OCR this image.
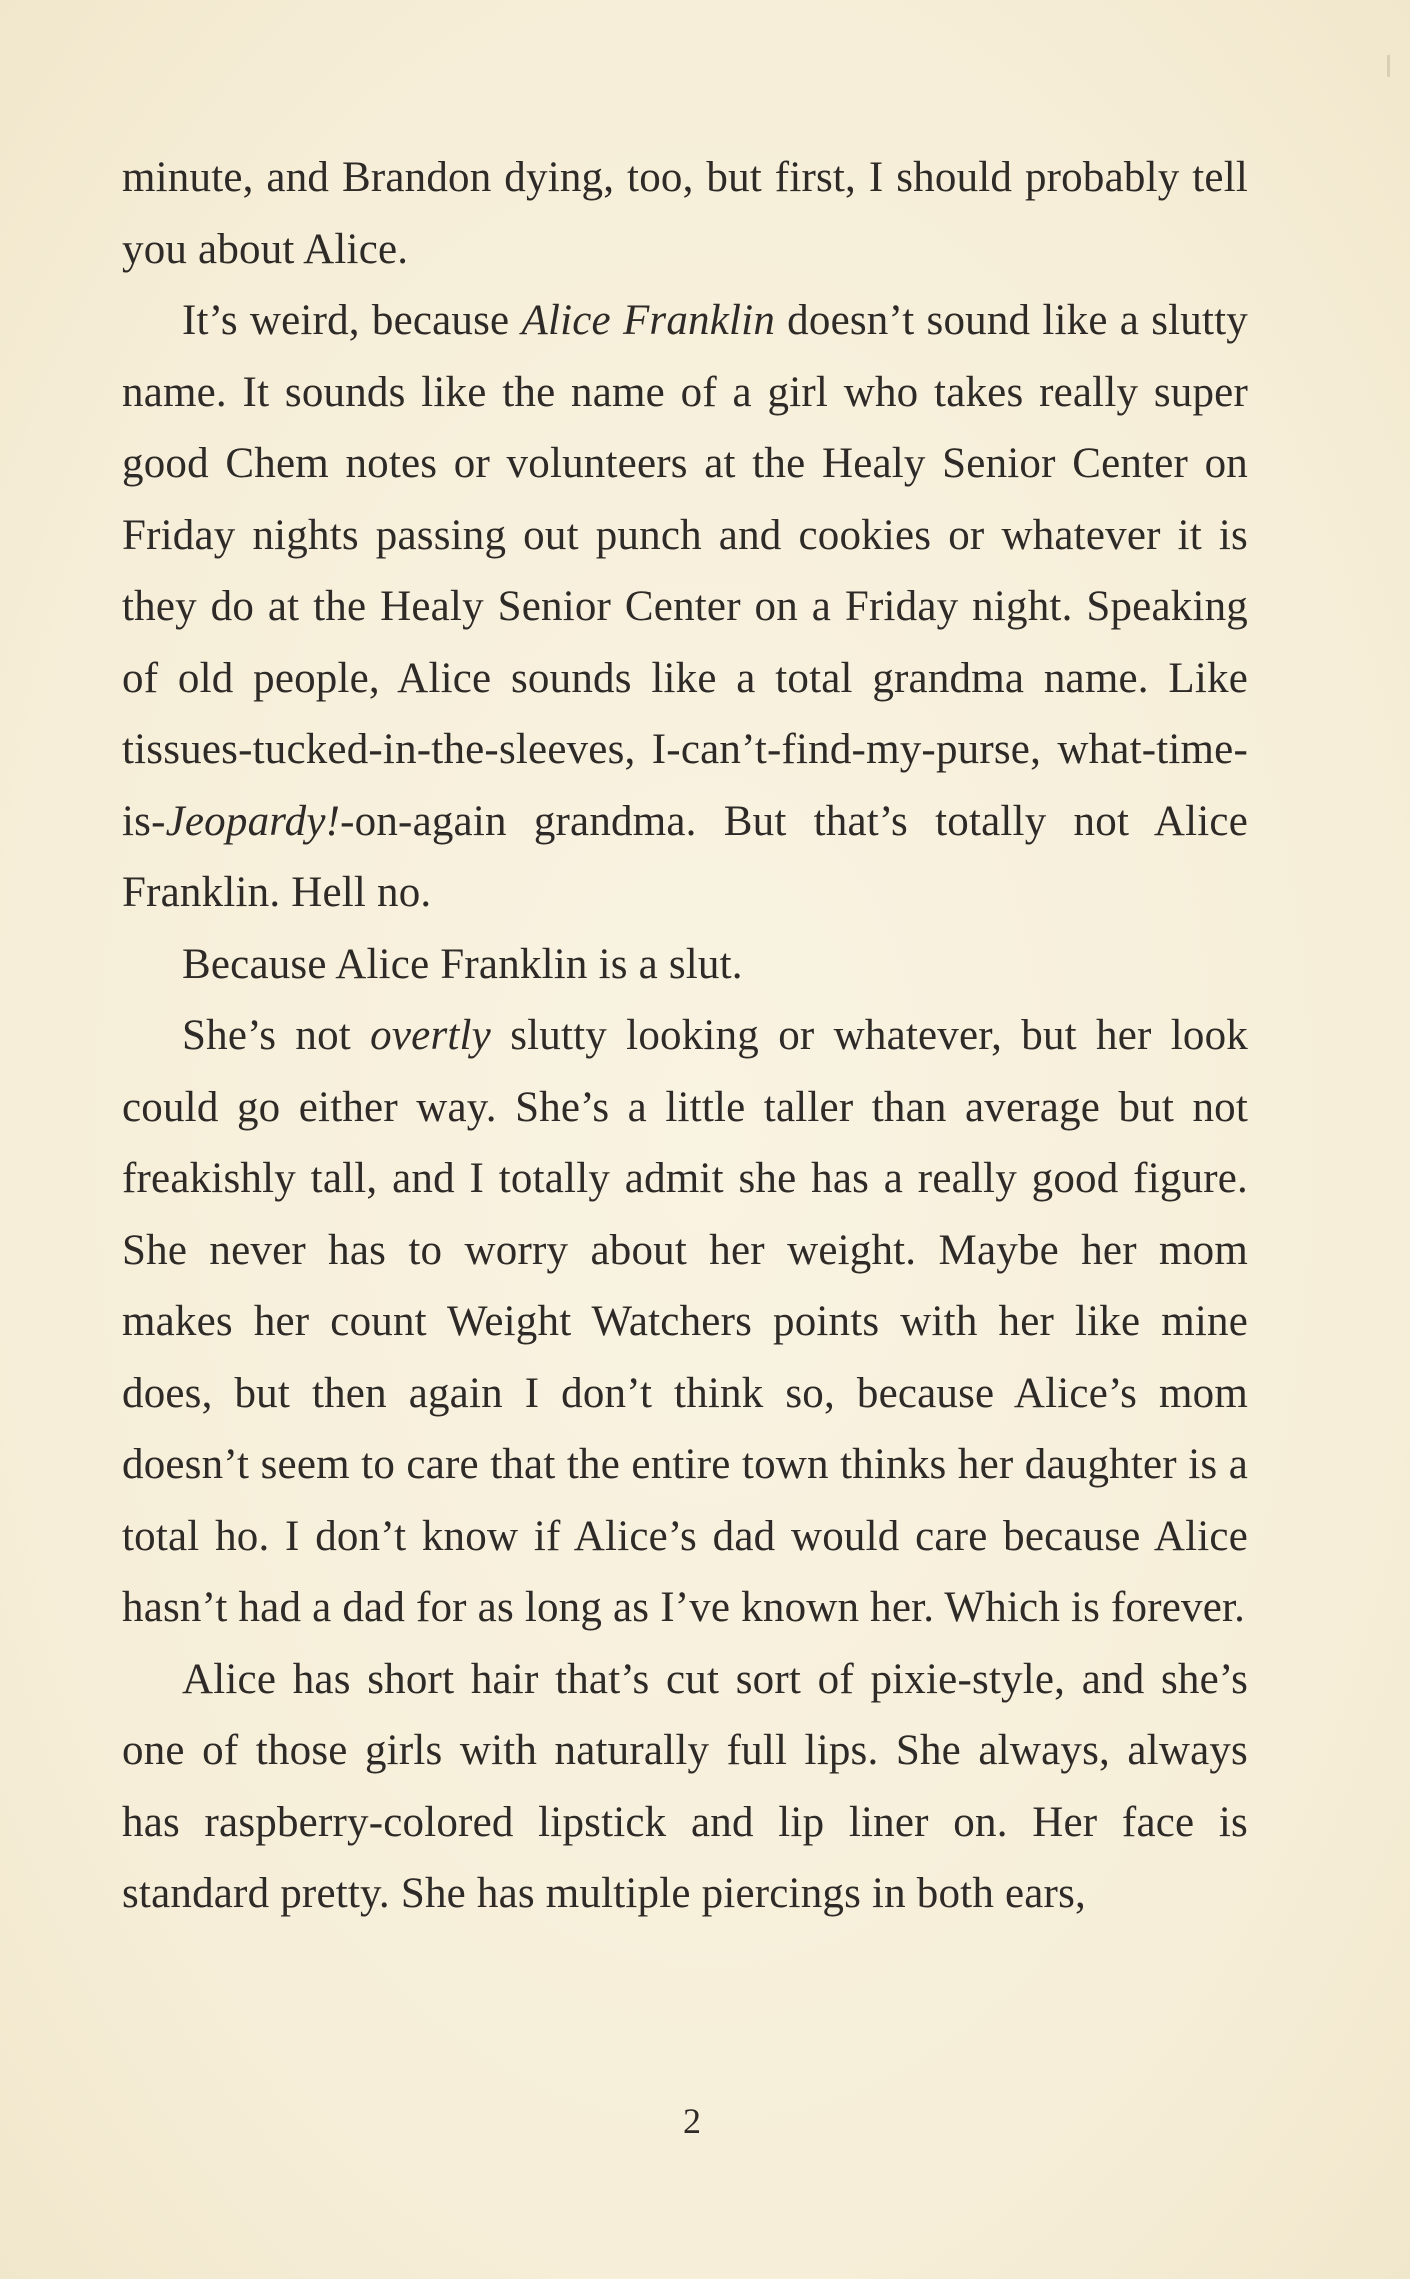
minute, and Brandon dying, too, but first, I should probably tell you about Alice.

It’s weird, because Alice Franklin doesn’t sound like a slutty name. It sounds like the name of a girl who takes really super good Chem notes or volunteers at the Healy Senior Center on Friday nights passing out punch and cookies or whatever it is they do at the Healy Senior Center on a Friday night. Speaking of old people, Alice sounds like a total grandma name. Like tissues-tucked-in-the-sleeves, I-can’t-find-my-purse, what-time-is-Jeopardy!-on-again grandma. But that’s totally not Alice Franklin. Hell no.

Because Alice Franklin is a slut.

She’s not overtly slutty looking or whatever, but her look could go either way. She’s a little taller than average but not freakishly tall, and I totally admit she has a really good figure. She never has to worry about her weight. Maybe her mom makes her count Weight Watchers points with her like mine does, but then again I don’t think so, because Alice’s mom doesn’t seem to care that the entire town thinks her daughter is a total ho. I don’t know if Alice’s dad would care because Alice hasn’t had a dad for as long as I’ve known her. Which is forever.

Alice has short hair that’s cut sort of pixie-style, and she’s one of those girls with naturally full lips. She always, always has raspberry-colored lipstick and lip liner on. Her face is standard pretty. She has multiple piercings in both ears,

2
